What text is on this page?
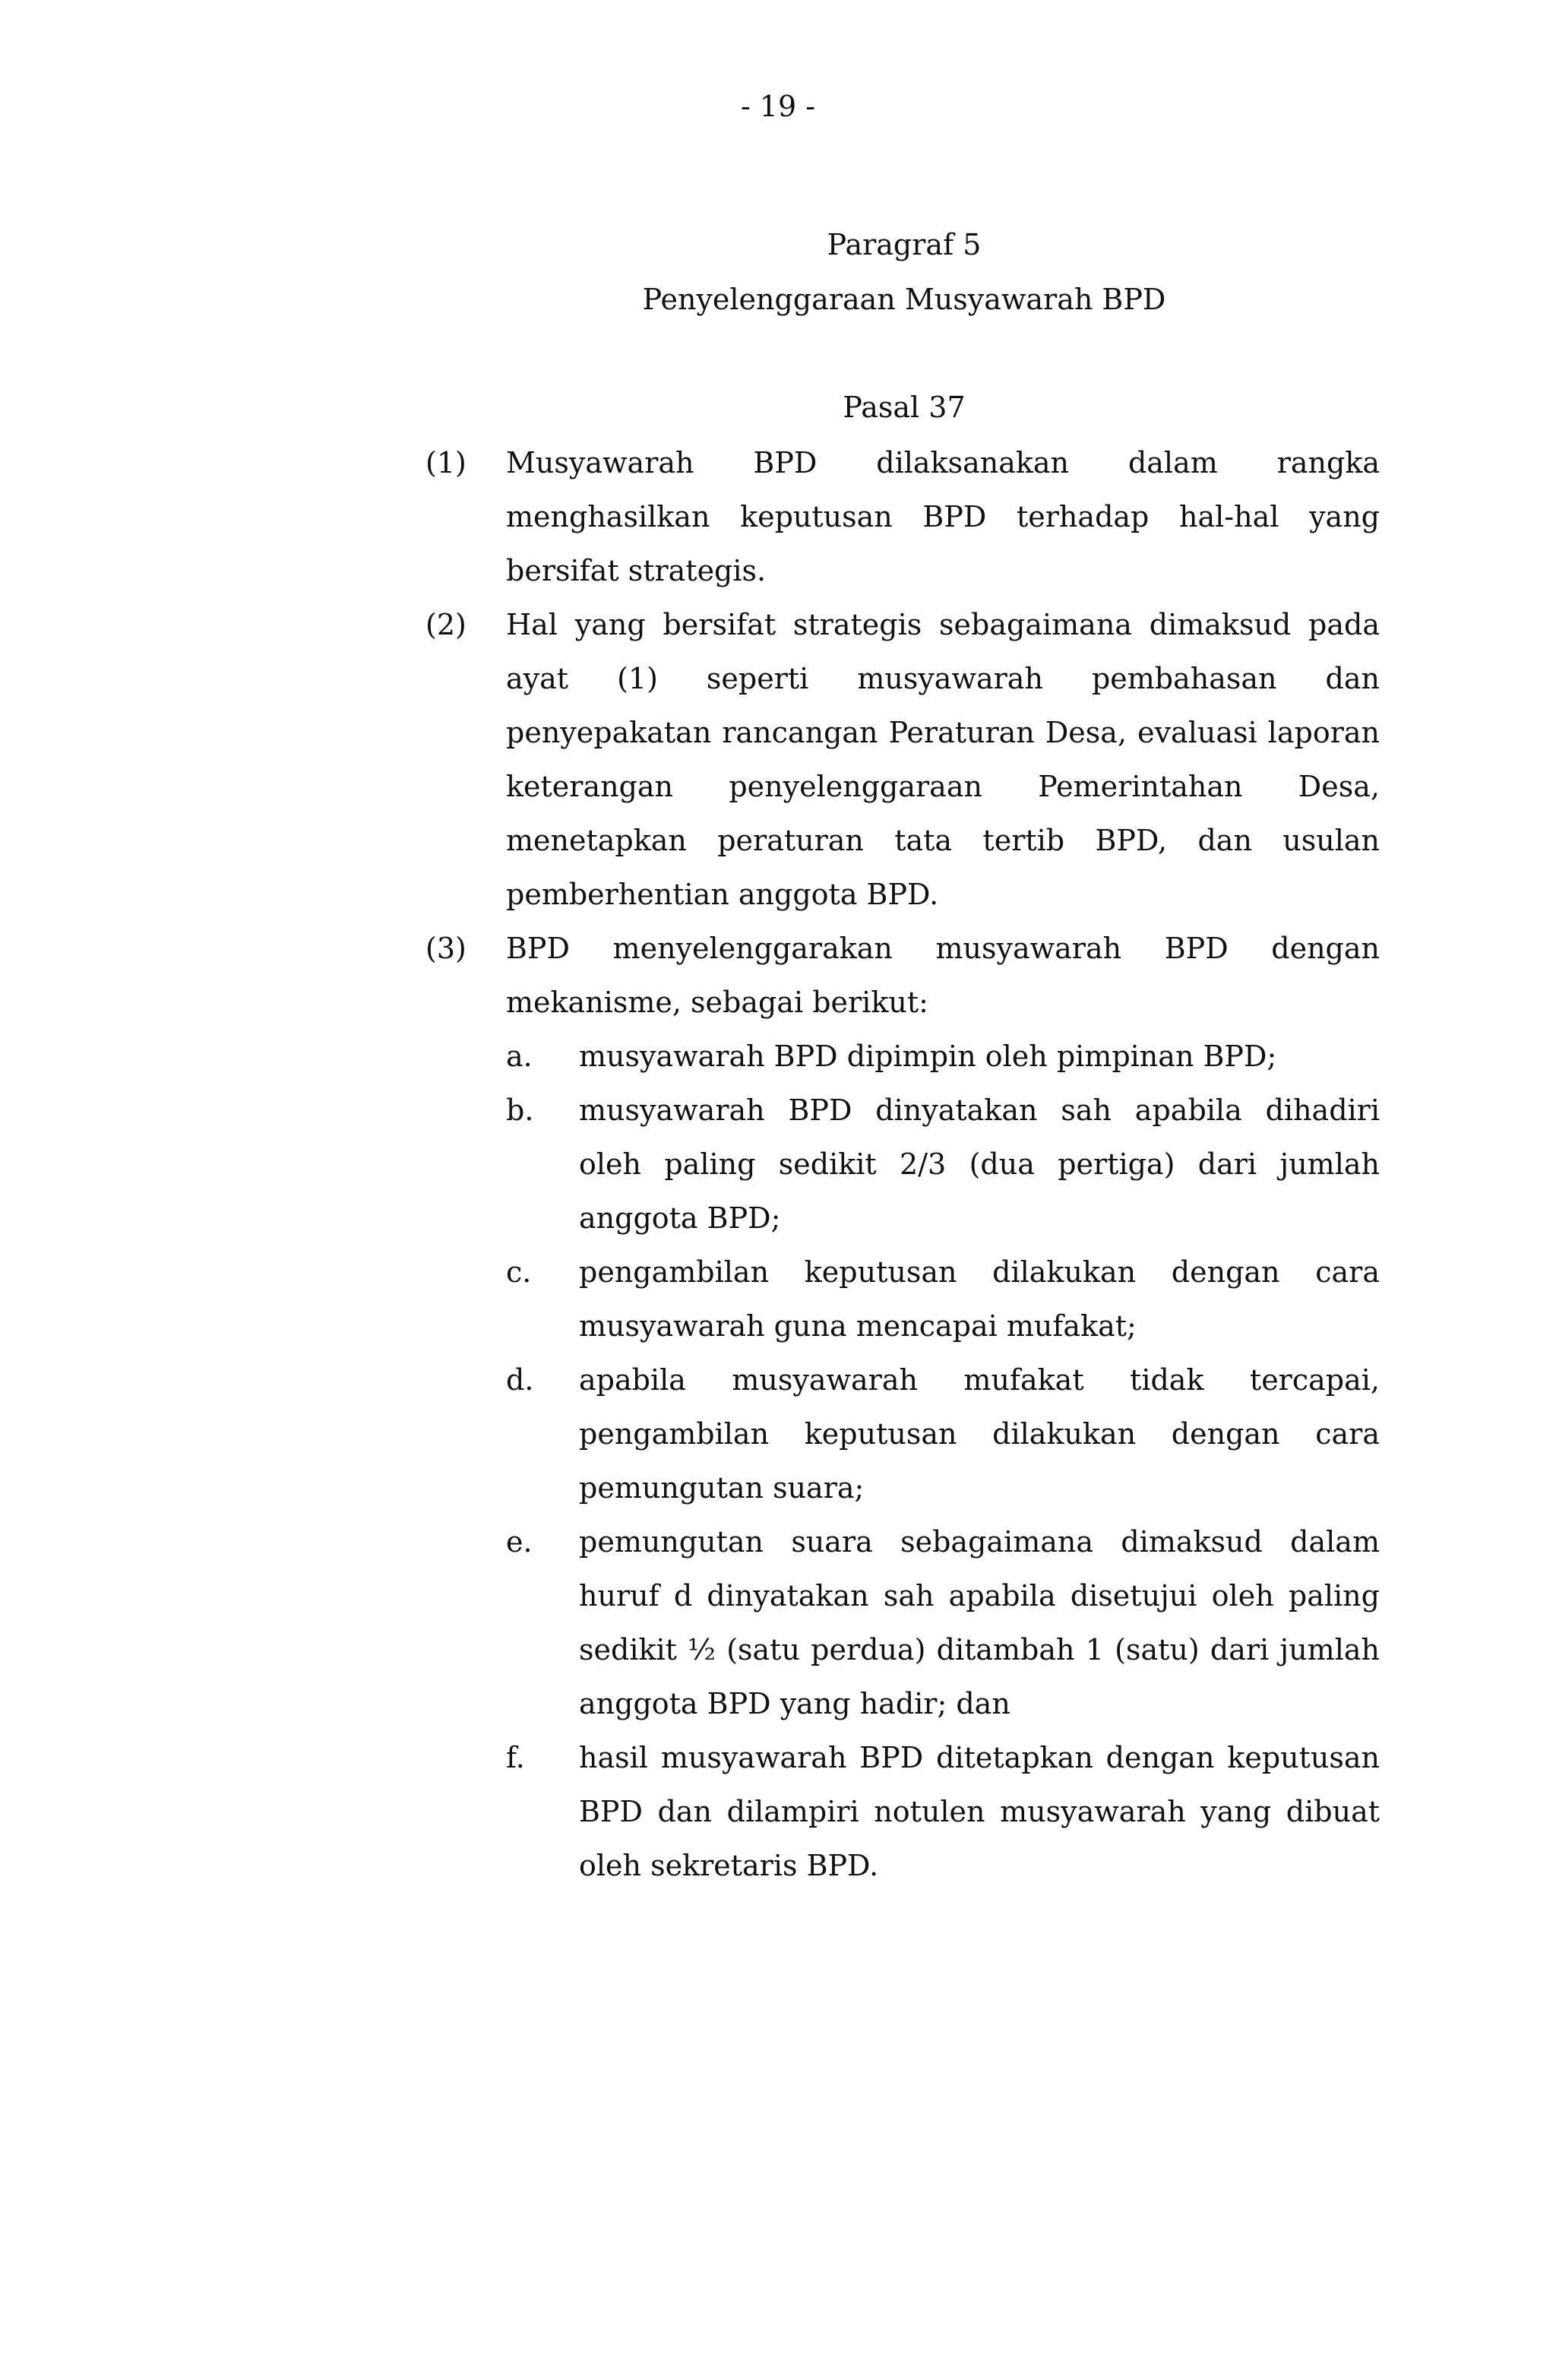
- 19 -
Paragraf 5
Penyelenggaraan Musyawarah BPD
Pasal 37
(1)	Musyawarah BPD dilaksanakan dalam rangka menghasilkan keputusan BPD terhadap hal-hal yang bersifat strategis.
(2)	Hal yang bersifat strategis sebagaimana dimaksud pada ayat (1) seperti musyawarah pembahasan dan penyepakatan rancangan Peraturan Desa, evaluasi laporan keterangan penyelenggaraan Pemerintahan Desa, menetapkan peraturan tata tertib BPD, dan usulan pemberhentian anggota BPD.
(3)	BPD menyelenggarakan musyawarah BPD dengan mekanisme, sebagai berikut:
a.	musyawarah BPD dipimpin oleh pimpinan BPD;
b.	musyawarah BPD dinyatakan sah apabila dihadiri oleh paling sedikit 2/3 (dua pertiga) dari jumlah anggota BPD;
c.	pengambilan keputusan dilakukan dengan cara musyawarah guna mencapai mufakat;
d.	apabila musyawarah mufakat tidak tercapai, pengambilan keputusan dilakukan dengan cara pemungutan suara;
e.	pemungutan suara sebagaimana dimaksud dalam huruf d dinyatakan sah apabila disetujui oleh paling sedikit ½ (satu perdua) ditambah 1 (satu) dari jumlah anggota BPD yang hadir; dan
f.	hasil musyawarah BPD ditetapkan dengan keputusan BPD dan dilampiri notulen musyawarah yang dibuat oleh sekretaris BPD.
